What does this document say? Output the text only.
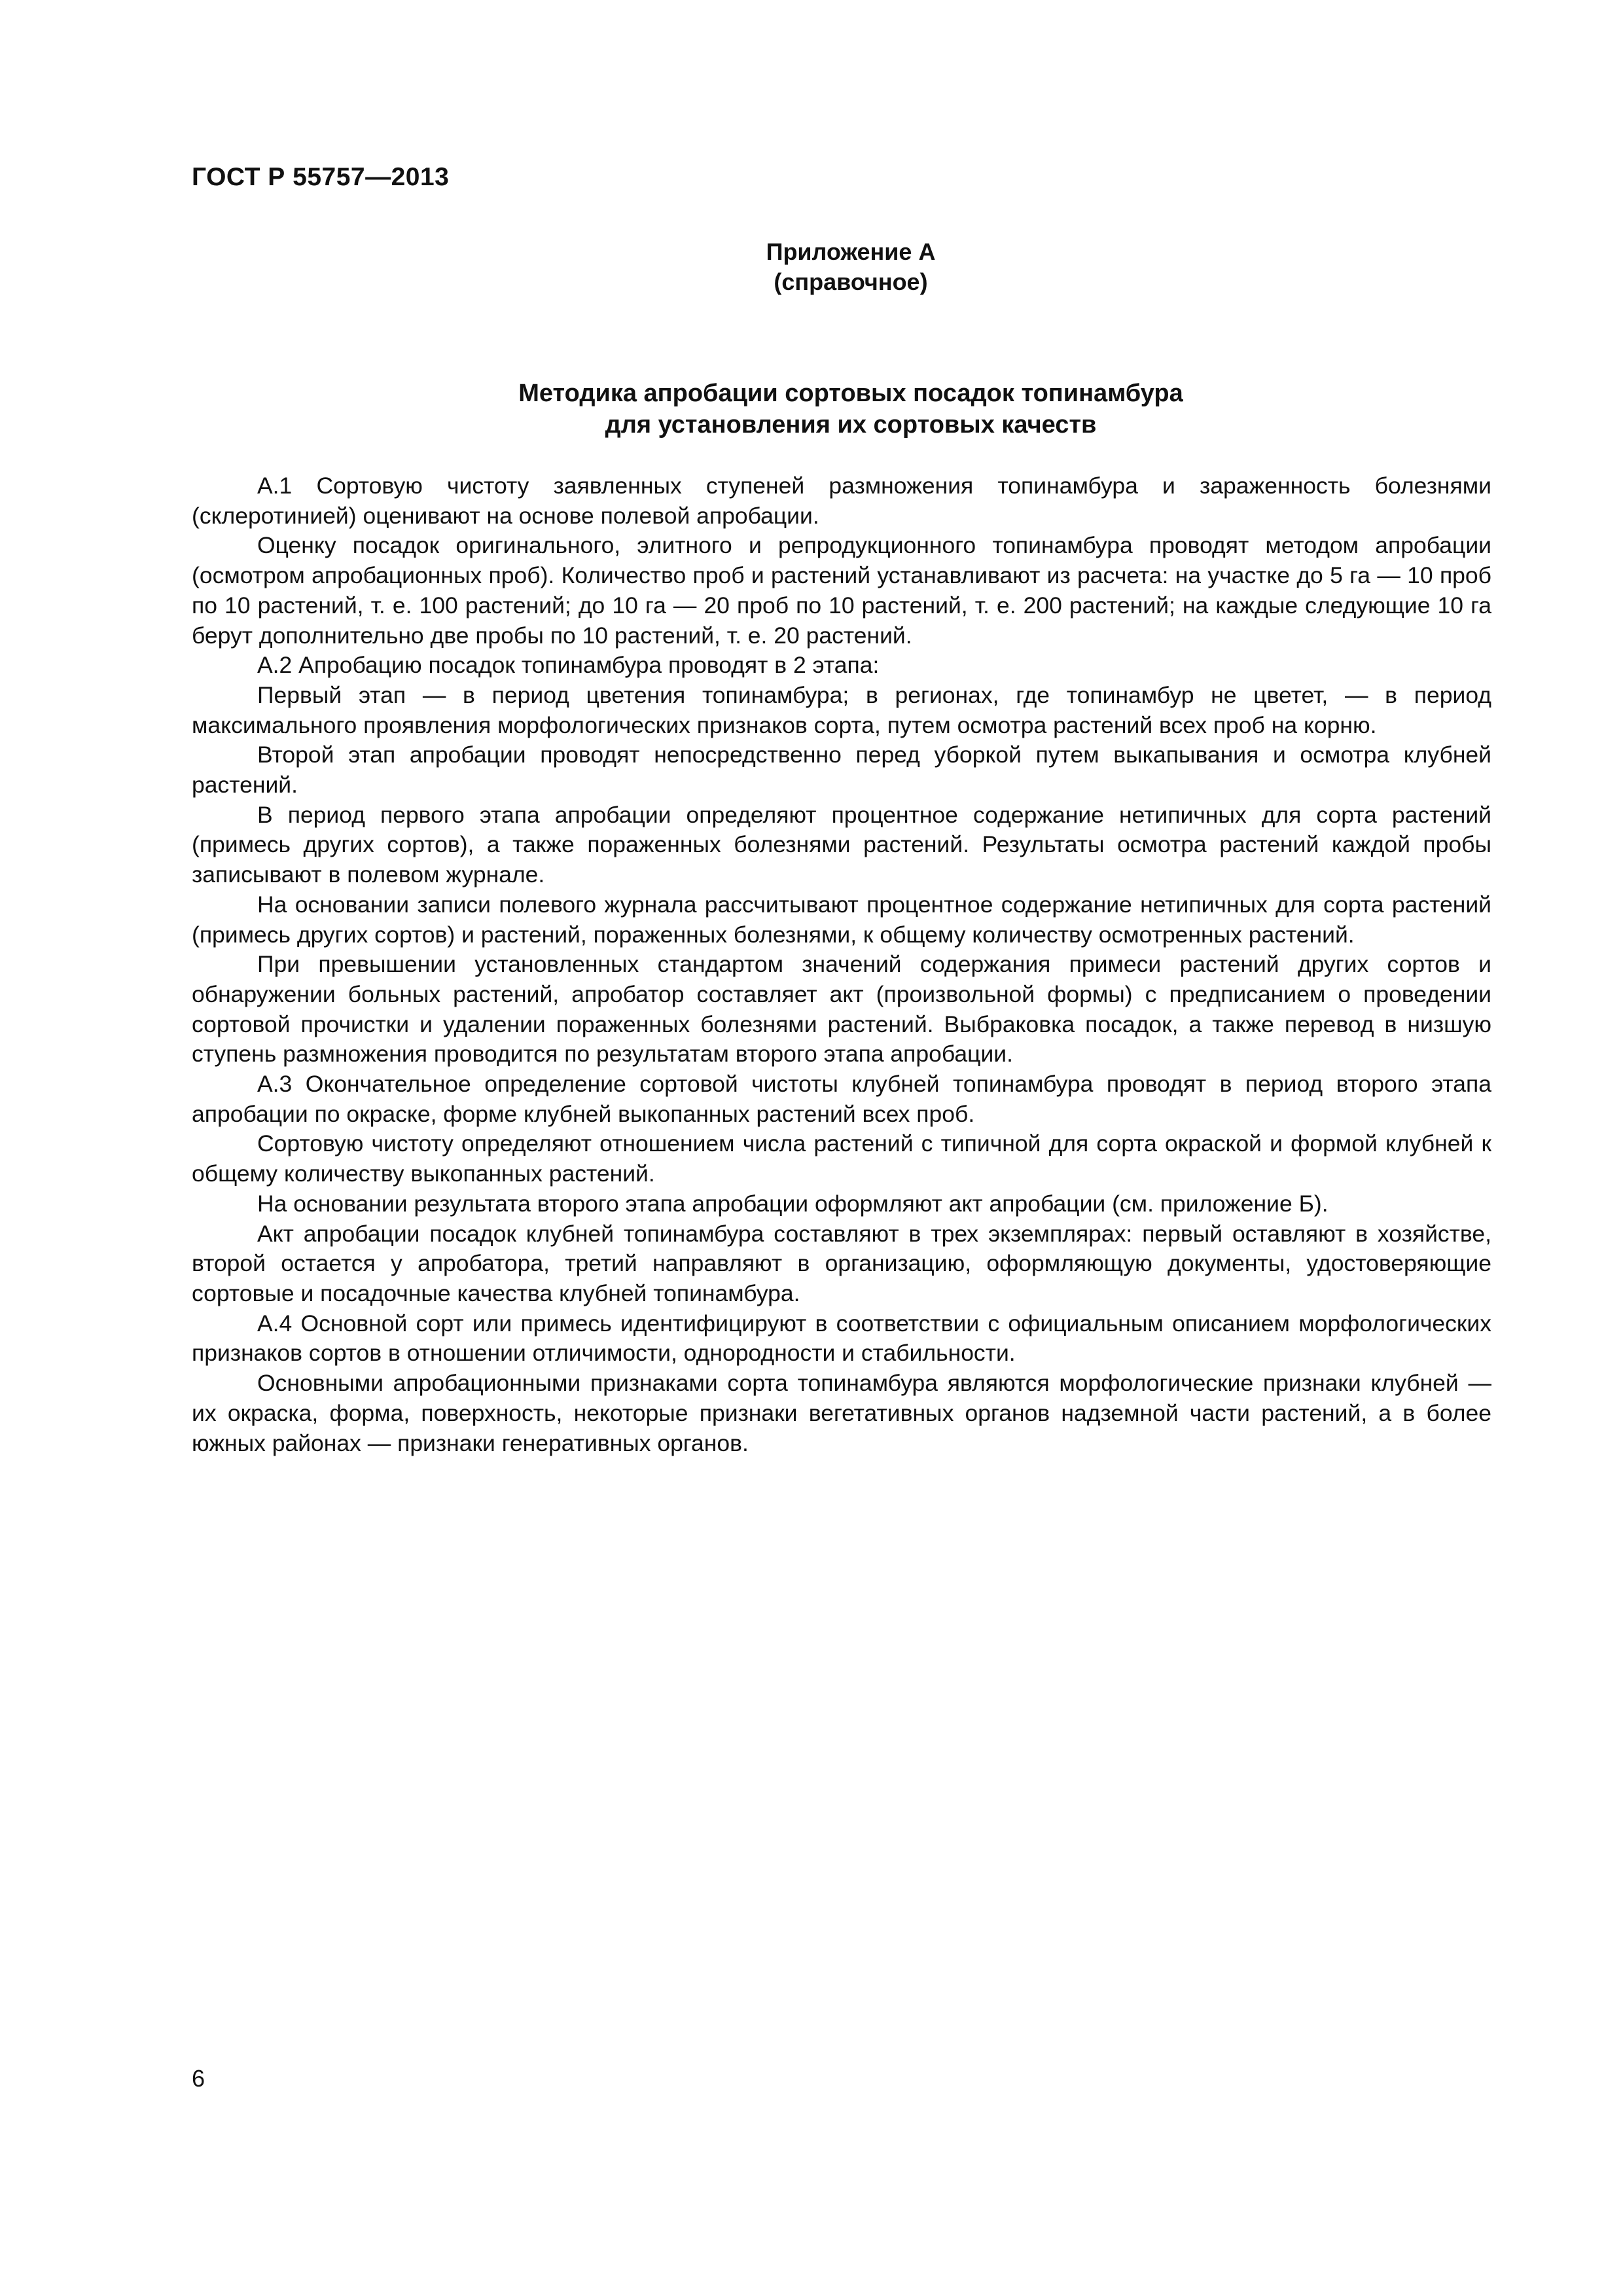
ГОСТ Р 55757—2013
Приложение А
(справочное)
Методика апробации сортовых посадок топинамбура
для установления их сортовых качеств

А.1 Сортовую чистоту заявленных ступеней размножения топинамбура и зараженность болезнями (склеротинией) оценивают на основе полевой апробации.

Оценку посадок оригинального, элитного и репродукционного топинамбура проводят методом апробации (осмотром апробационных проб). Количество проб и растений устанавливают из расчета: на участке до 5 га — 10 проб по 10 растений, т. е. 100 растений; до 10 га — 20 проб по 10 растений, т. е. 200 растений; на каждые следующие 10 га берут дополнительно две пробы по 10 растений, т. е. 20 растений.

А.2 Апробацию посадок топинамбура проводят в 2 этапа:

Первый этап — в период цветения топинамбура; в регионах, где топинамбур не цветет, — в период максимального проявления морфологических признаков сорта, путем осмотра растений всех проб на корню.

Второй этап апробации проводят непосредственно перед уборкой путем выкапывания и осмотра клубней растений.

В период первого этапа апробации определяют процентное содержание нетипичных для сорта растений (примесь других сортов), а также пораженных болезнями растений. Результаты осмотра растений каждой пробы записывают в полевом журнале.

На основании записи полевого журнала рассчитывают процентное содержание нетипичных для сорта растений (примесь других сортов) и растений, пораженных болезнями, к общему количеству осмотренных растений.

При превышении установленных стандартом значений содержания примеси растений других сортов и обнаружении больных растений, апробатор составляет акт (произвольной формы) с предписанием о проведении сортовой прочистки и удалении пораженных болезнями растений. Выбраковка посадок, а также перевод в низшую ступень размножения проводится по результатам второго этапа апробации.

А.3 Окончательное определение сортовой чистоты клубней топинамбура проводят в период второго этапа апробации по окраске, форме клубней выкопанных растений всех проб.

Сортовую чистоту определяют отношением числа растений с типичной для сорта окраской и формой клубней к общему количеству выкопанных растений.

На основании результата второго этапа апробации оформляют акт апробации (см. приложение Б).

Акт апробации посадок клубней топинамбура составляют в трех экземплярах: первый оставляют в хозяйстве, второй остается у апробатора, третий направляют в организацию, оформляющую документы, удостоверяющие сортовые и посадочные качества клубней топинамбура.

А.4 Основной сорт или примесь идентифицируют в соответствии с официальным описанием морфологических признаков сортов в отношении отличимости, однородности и стабильности.

Основными апробационными признаками сорта топинамбура являются морфологические признаки клубней — их окраска, форма, поверхность, некоторые признаки вегетативных органов надземной части растений, а в более южных районах — признаки генеративных органов.

6
